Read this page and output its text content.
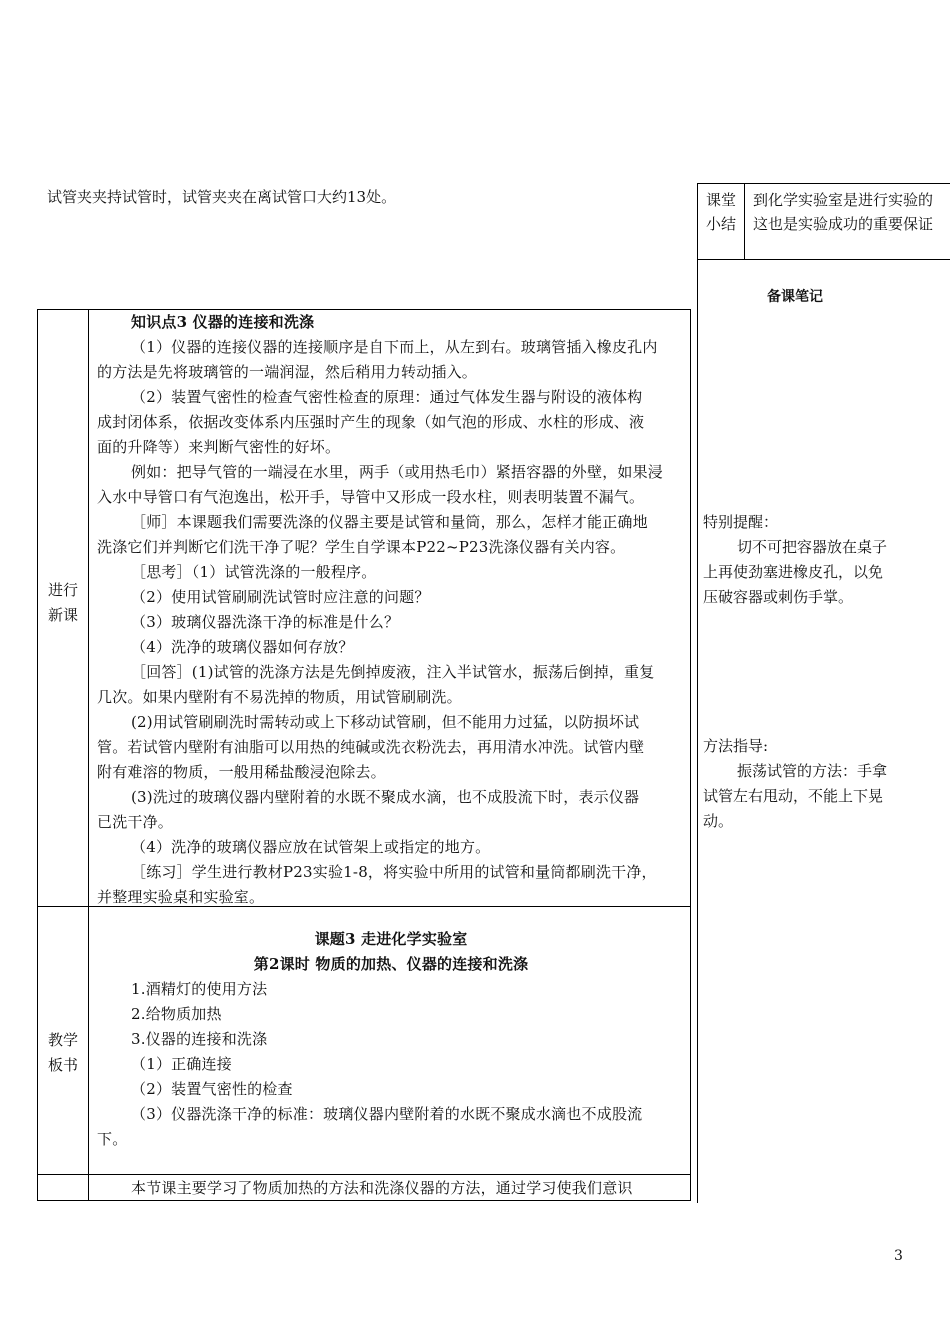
试管夹夹持试管时，试管夹夹在离试管口大约13处。	课堂
小结
到化学实验室是进行实验的
这也是实验成功的重要保证
备课笔记
进行
新课
知识点3 仪器的连接和洗涤
（1）仪器的连接仪器的连接顺序是自下而上，从左到右。玻璃管插入橡皮孔内
的方法是先将玻璃管的一端润湿，然后稍用力转动插入。
（2）装置气密性的检查气密性检查的原理：通过气体发生器与附设的液体构
成封闭体系，依据改变体系内压强时产生的现象（如气泡的形成、水柱的形成、液
面的升降等）来判断气密性的好坏。
例如：把导气管的一端浸在水里，两手（或用热毛巾）紧捂容器的外壁，如果浸
入水中导管口有气泡逸出，松开手，导管中又形成一段水柱，则表明装置不漏气。
［师］本课题我们需要洗涤的仪器主要是试管和量筒，那么，怎样才能正确地
洗涤它们并判断它们洗干净了呢？学生自学课本P22~P23洗涤仪器有关内容。
［思考］（1）试管洗涤的一般程序。
（2）使用试管刷刷洗试管时应注意的问题？
（3）玻璃仪器洗涤干净的标准是什么？
（4）洗净的玻璃仪器如何存放？
［回答］(1)试管的洗涤方法是先倒掉废液，注入半试管水，振荡后倒掉，重复
几次。如果内壁附有不易洗掉的物质，用试管刷刷洗。
(2)用试管刷刷洗时需转动或上下移动试管刷，但不能用力过猛，以防损坏试
管。若试管内壁附有油脂可以用热的纯碱或洗衣粉洗去，再用清水冲洗。试管内壁
附有难溶的物质，一般用稀盐酸浸泡除去。
(3)洗过的玻璃仪器内壁附着的水既不聚成水滴，也不成股流下时，表示仪器
已洗干净。
（4）洗净的玻璃仪器应放在试管架上或指定的地方。
［练习］学生进行教材P23实验1-8，将实验中所用的试管和量筒都刷洗干净，
并整理实验桌和实验室。
教学
板书
课题3 走进化学实验室
第2课时 物质的加热、仪器的连接和洗涤
1.酒精灯的使用方法
2.给物质加热
3.仪器的连接和洗涤
（1）正确连接
（2）装置气密性的检查
（3）仪器洗涤干净的标准：玻璃仪器内壁附着的水既不聚成水滴也不成股流
下。
本节课主要学习了物质加热的方法和洗涤仪器的方法，通过学习使我们意识
特别提醒：
切不可把容器放在桌子
上再使劲塞进橡皮孔，以免
压破容器或刺伤手掌。
方法指导:
振荡试管的方法：手拿
试管左右甩动，不能上下晃
动。
3
